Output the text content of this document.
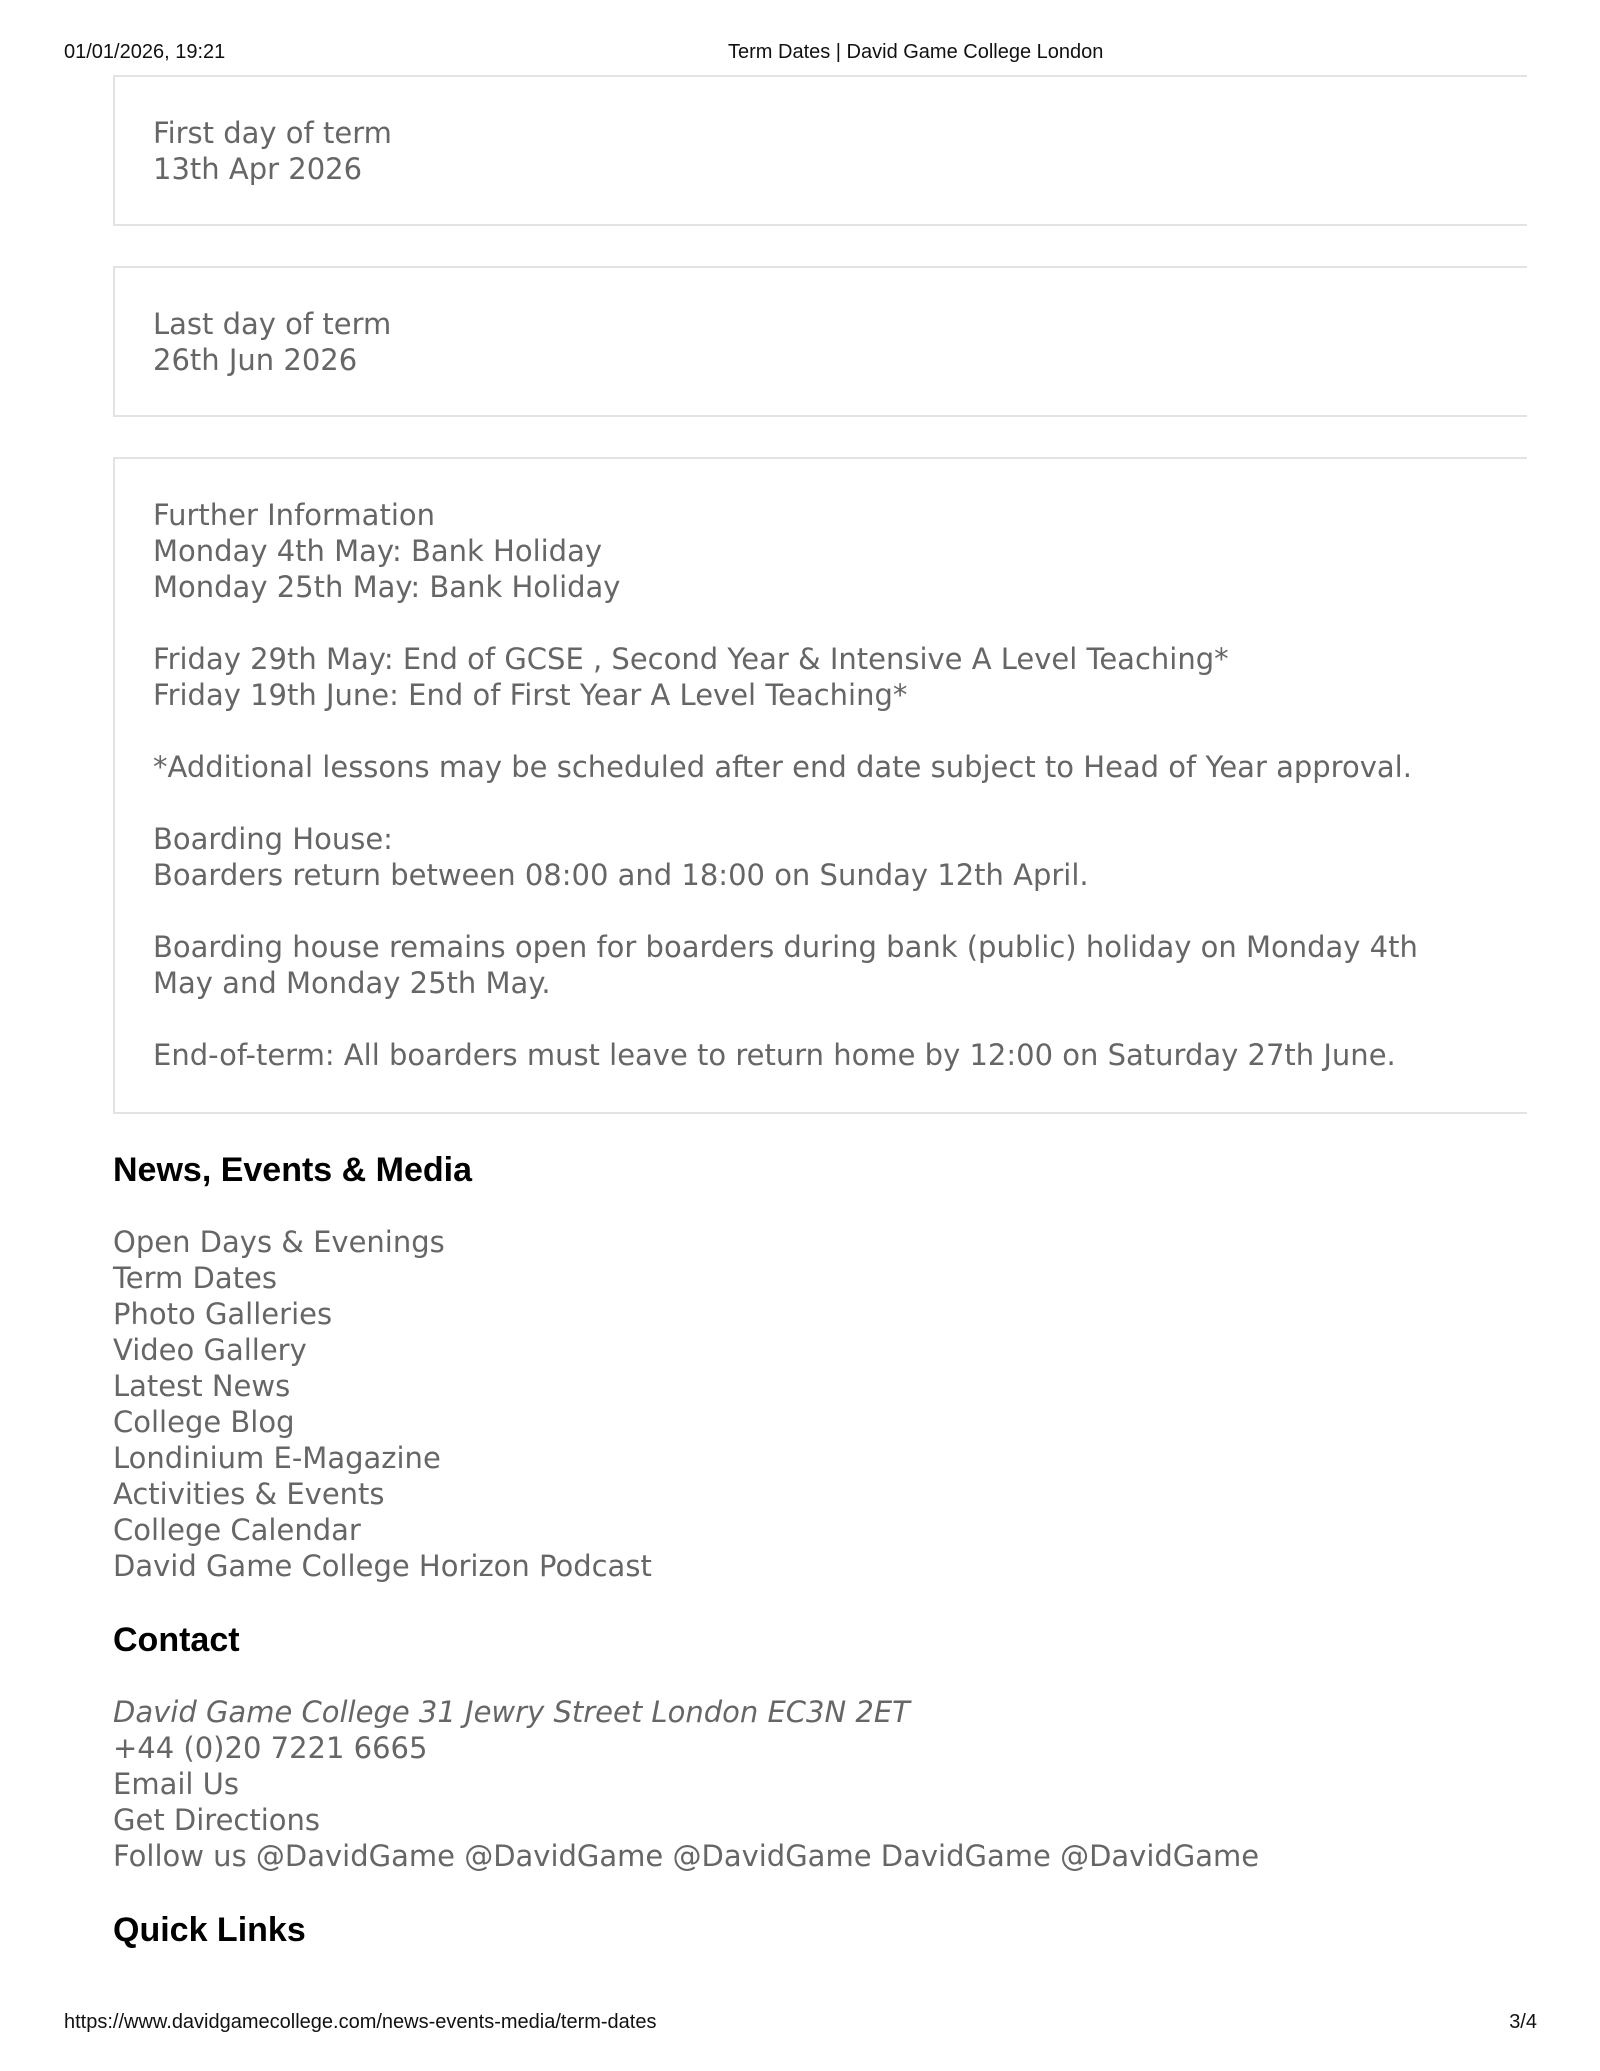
01/01/2026, 19:21	Term Dates | David Game College London

First day of term

13th Apr 2026

Last day of term

26th Jun 2026

Further Information

Monday 4th May: Bank Holiday

Monday 25th May: Bank Holiday

Friday 29th May: End of GCSE , Second Year & Intensive A Level Teaching*

Friday 19th June: End of First Year A Level Teaching*

*Additional lessons may be scheduled after end date subject to Head of Year approval.

Boarding House:

Boarders return between 08:00 and 18:00 on Sunday 12th April.

Boarding house remains open for boarders during bank (public) holiday on Monday 4th May and Monday 25th May.

End-of-term: All boarders must leave to return home by 12:00 on Saturday 27th June.

News, Events & Media
Open Days & Evenings
Term Dates
Photo Galleries
Video Gallery
Latest News
College Blog
Londinium E-Magazine
Activities & Events
College Calendar
David Game College Horizon Podcast
Contact
David Game College 31 Jewry Street London EC3N 2ET
+44 (0)20 7221 6665
Email Us
Get Directions
Follow us @DavidGame @DavidGame @DavidGame DavidGame @DavidGame
Quick Links
https://www.davidgamecollege.com/news-events-media/term-dates	3/4
